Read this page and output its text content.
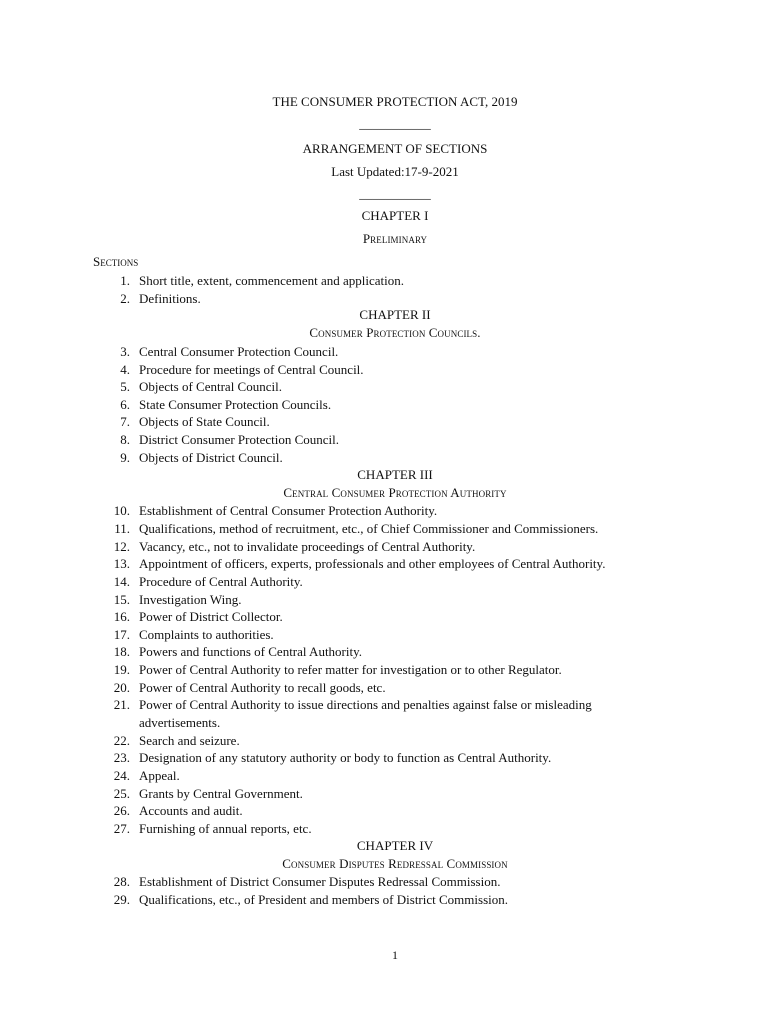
THE CONSUMER PROTECTION ACT, 2019
___________
ARRANGEMENT OF SECTIONS
Last Updated:17-9-2021
___________
CHAPTER I
Preliminary
Sections
1. Short title, extent, commencement and application.
2. Definitions.
CHAPTER II
Consumer Protection Councils.
3. Central Consumer Protection Council.
4. Procedure for meetings of Central Council.
5. Objects of Central Council.
6. State Consumer Protection Councils.
7. Objects of State Council.
8. District Consumer Protection Council.
9. Objects of District Council.
CHAPTER III
Central Consumer Protection Authority
10. Establishment of Central Consumer Protection Authority.
11. Qualifications, method of recruitment, etc., of Chief Commissioner and Commissioners.
12. Vacancy, etc., not to invalidate proceedings of Central Authority.
13. Appointment of officers, experts, professionals and other employees of Central Authority.
14. Procedure of Central Authority.
15. Investigation Wing.
16. Power of District Collector.
17. Complaints to authorities.
18. Powers and functions of Central Authority.
19. Power of Central Authority to refer matter for investigation or to other Regulator.
20. Power of Central Authority to recall goods, etc.
21. Power of Central Authority to issue directions and penalties against false or misleading
advertisements.
22. Search and seizure.
23. Designation of any statutory authority or body to function as Central Authority.
24. Appeal.
25. Grants by Central Government.
26. Accounts and audit.
27. Furnishing of annual reports, etc.
CHAPTER IV
Consumer Disputes Redressal Commission
28. Establishment of District Consumer Disputes Redressal Commission.
29. Qualifications, etc., of President and members of District Commission.
1
